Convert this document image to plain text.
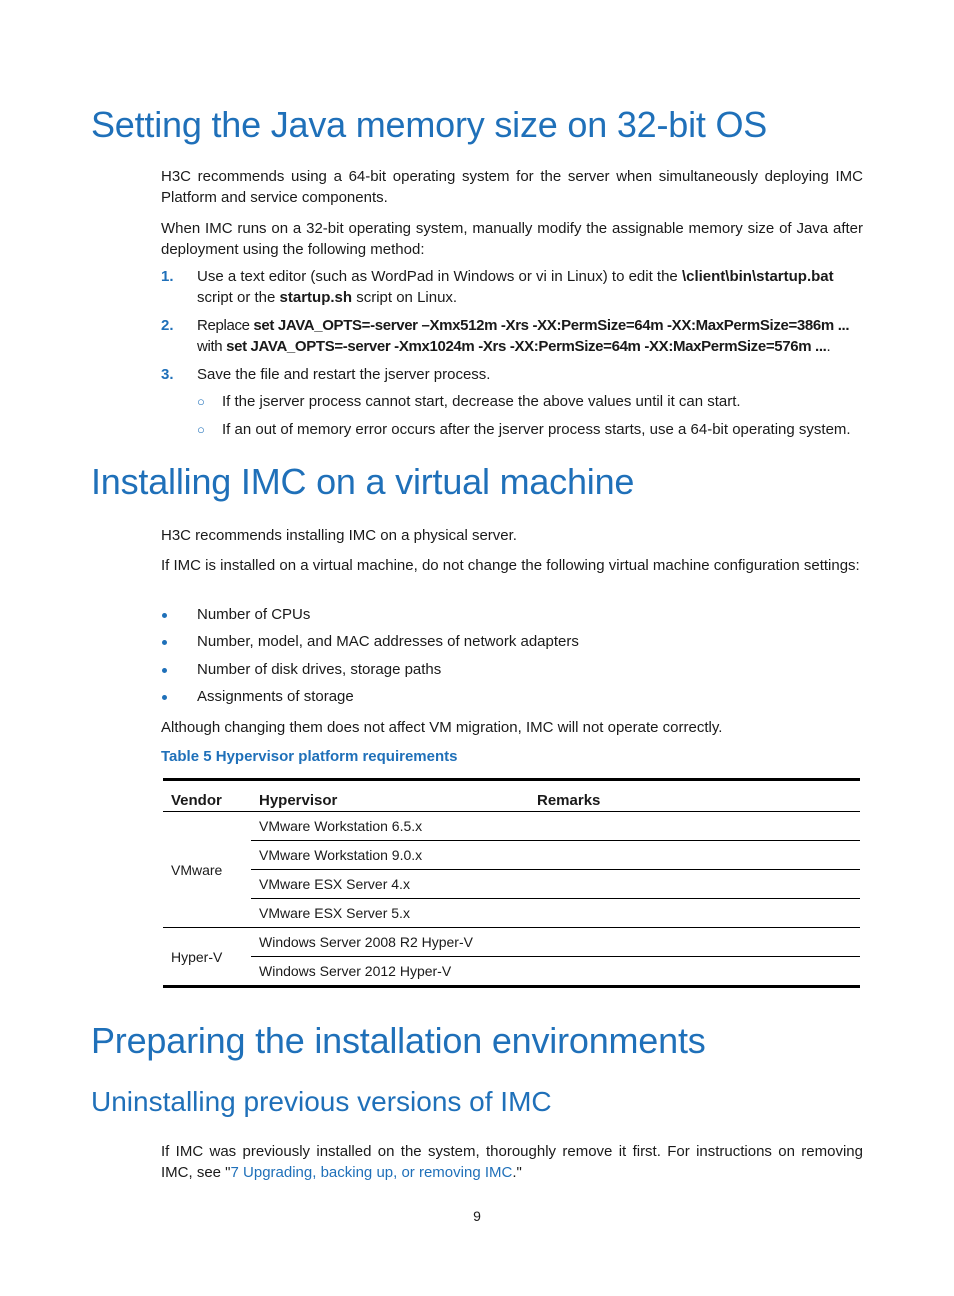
Setting the Java memory size on 32-bit OS

H3C recommends using a 64-bit operating system for the server when simultaneously deploying IMC Platform and service components.

When IMC runs on a 32-bit operating system, manually modify the assignable memory size of Java after deployment using the following method:

1. Use a text editor (such as WordPad in Windows or vi in Linux) to edit the \client\bin\startup.bat script or the startup.sh script on Linux.
2. Replace set JAVA_OPTS=-server –Xmx512m -Xrs -XX:PermSize=64m -XX:MaxPermSize=386m ... with set JAVA_OPTS=-server -Xmx1024m -Xrs -XX:PermSize=64m -XX:MaxPermSize=576m ....
3. Save the file and restart the jserver process.
○ If the jserver process cannot start, decrease the above values until it can start.
○ If an out of memory error occurs after the jserver process starts, use a 64-bit operating system.
Installing IMC on a virtual machine

H3C recommends installing IMC on a physical server.

If IMC is installed on a virtual machine, do not change the following virtual machine configuration settings:

Number of CPUs
Number, model, and MAC addresses of network adapters
Number of disk drives, storage paths
Assignments of storage

Although changing them does not affect VM migration, IMC will not operate correctly.

Table 5 Hypervisor platform requirements

Vendor	Hypervisor	Remarks
VMware	VMware Workstation 6.5.x	
	VMware Workstation 9.0.x	
	VMware ESX Server 4.x	
	VMware ESX Server 5.x	
Hyper-V	Windows Server 2008 R2 Hyper-V	
	Windows Server 2012 Hyper-V	
Preparing the installation environments
Uninstalling previous versions of IMC

If IMC was previously installed on the system, thoroughly remove it first. For instructions on removing IMC, see "7 Upgrading, backing up, or removing IMC."

9
